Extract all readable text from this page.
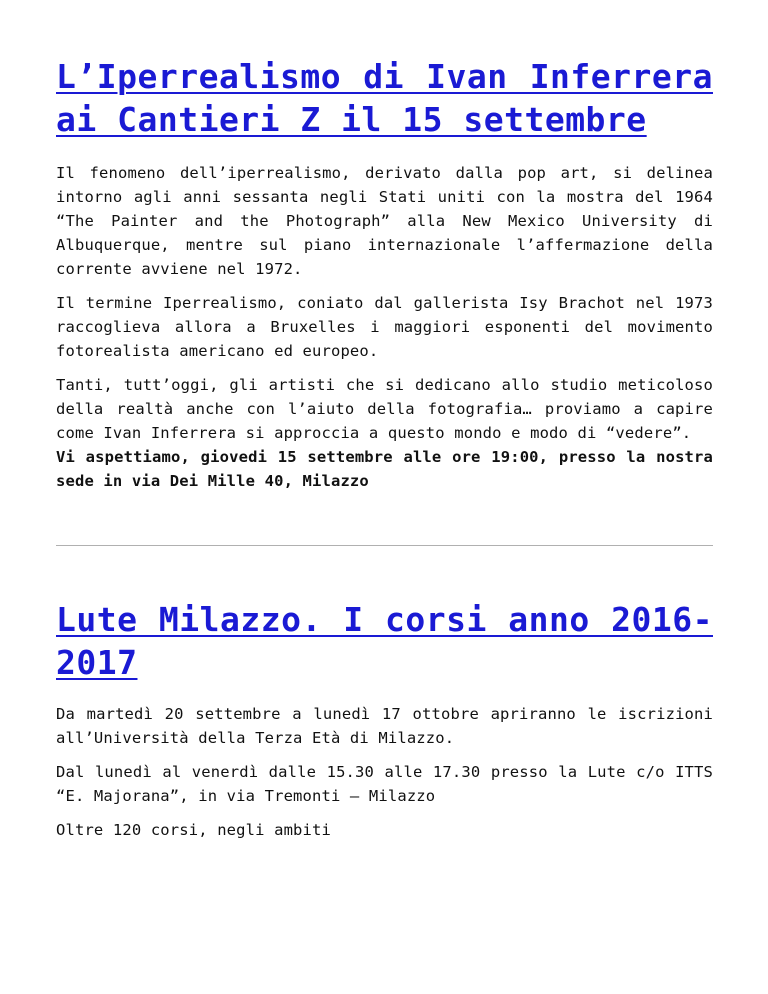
L’Iperrealismo di Ivan Inferrera ai Cantieri Z il 15 settembre

Il fenomeno dell’iperrealismo, derivato dalla pop art, si delinea intorno agli anni sessanta negli Stati uniti con la mostra del 1964 “The Painter and the Photograph” alla New Mexico University di Albuquerque, mentre sul piano internazionale l’affermazione della corrente avviene nel 1972.

Il termine Iperrealismo, coniato dal gallerista Isy Brachot nel 1973 raccoglieva allora a Bruxelles i maggiori esponenti del movimento fotorealista americano ed europeo.

Tanti, tutt’oggi, gli artisti che si dedicano allo studio meticoloso della realtà anche con l’aiuto della fotografia… proviamo a capire come Ivan Inferrera si approccia a questo mondo e modo di “vedere”.
Vi aspettiamo, giovedi 15 settembre alle ore 19:00, presso la nostra sede in via Dei Mille 40, Milazzo

Lute Milazzo. I corsi anno 2016-2017

Da martedì 20 settembre a lunedì 17 ottobre apriranno le iscrizioni all’Università della Terza Età di Milazzo.

Dal lunedì al venerdì dalle 15.30 alle 17.30 presso la Lute c/o ITTS “E. Majorana”, in via Tremonti – Milazzo

Oltre 120 corsi, negli ambiti
